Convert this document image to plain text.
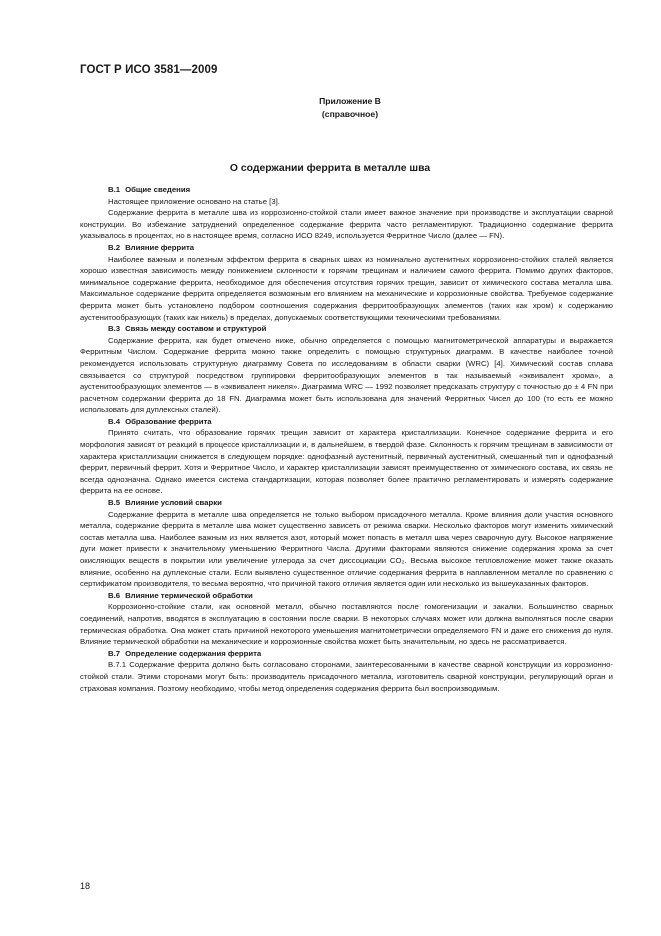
ГОСТ Р ИСО 3581—2009
Приложение В
(справочное)
О содержании феррита в металле шва
В.1 Общие сведения

Настоящее приложение основано на статье [3].

Содержание феррита в металле шва из коррозионно-стойкой стали имеет важное значение при производстве и эксплуатации сварной конструкции. Во избежание затруднений определенное содержание феррита часто регламентируют. Традиционно содержание феррита указывалось в процентах, но в настоящее время, согласно ИСО 8249, используется Ферритное Число (далее — FN).

В.2 Влияние феррита

Наиболее важным и полезным эффектом феррита в сварных швах из номинально аустенитных коррозионно-стойких сталей является хорошо известная зависимость между понижением склонности к горячим трещинам и наличием самого феррита. Помимо других факторов, минимальное содержание феррита, необходимое для обеспечения отсутствия горячих трещин, зависит от химического состава металла шва. Максимальное содержание феррита определяется возможным его влиянием на механические и коррозионные свойства. Требуемое содержание феррита может быть установлено подбором соотношения содержания ферритообразующих элементов (таких как хром) к содержанию аустенитообразующих (таких как никель) в пределах, допускаемых соответствующими техническими требованиями.

В.3 Связь между составом и структурой

Содержание феррита, как будет отмечено ниже, обычно определяется с помощью магнитометрической аппаратуры и выражается Ферритным Числом. Содержание феррита можно также определить с помощью структурных диаграмм. В качестве наиболее точной рекомендуется использовать структурную диаграмму Совета по исследованиям в области сварки (WRC) [4]. Химический состав сплава связывается со структурой посредством группировки ферритообразующих элементов в так называемый «эквивалент хрома», а аустенитообразующих элементов — в «эквивалент никеля». Диаграмма WRC — 1992 позволяет предсказать структуру с точностью до ± 4 FN при расчетном содержании феррита до 18 FN. Диаграмма может быть использована для значений Ферритных Чисел до 100 (то есть ее можно использовать для дуплексных сталей).

В.4 Образование феррита

Принято считать, что образование горячих трещин зависит от характера кристаллизации. Конечное содержание феррита и его морфология зависят от реакций в процессе кристаллизации и, в дальнейшем, в твердой фазе. Склонность к горячим трещинам в зависимости от характера кристаллизации снижается в следующем порядке: однофазный аустенитный, первичный аустенитный, смешанный тип и однофазный феррит, первичный феррит. Хотя и Ферритное Число, и характер кристаллизации зависят преимущественно от химического состава, их связь не всегда однозначна. Однако имеется система стандартизации, которая позволяет более практично регламентировать и измерять содержание феррита на ее основе.

В.5 Влияние условий сварки

Содержание феррита в металле шва определяется не только выбором присадочного металла. Кроме влияния доли участия основного металла, содержание феррита в металле шва может существенно зависеть от режима сварки. Несколько факторов могут изменить химический состав металла шва. Наиболее важным из них является азот, который может попасть в металл шва через сварочную дугу. Высокое напряжение дуги может привести к значительному уменьшению Ферритного Числа. Другими факторами являются снижение содержания хрома за счет окисляющих веществ в покрытии или увеличение углерода за счет диссоциации CO₂. Весьма высокое тепловложение может также оказать влияние, особенно на дуплексные стали. Если выявлено существенное отличие содержания феррита в наплавленном металле по сравнению с сертификатом производителя, то весьма вероятно, что причиной такого отличия является один или несколько из вышеуказанных факторов.

В.6 Влияние термической обработки

Коррозионно-стойкие стали, как основной металл, обычно поставляются после гомогенизации и закалки. Большинство сварных соединений, напротив, вводятся в эксплуатацию в состоянии после сварки. В некоторых случаях может или должна выполняться после сварки термическая обработка. Она может стать причиной некоторого уменьшения магнитометрически определяемого FN и даже его снижения до нуля. Влияние термической обработки на механические и коррозионные свойства может быть значительным, но здесь не рассматривается.

В.7 Определение содержания феррита

В.7.1 Содержание феррита должно быть согласовано сторонами, заинтересованными в качестве сварной конструкции из коррозионно-стойкой стали. Этими сторонами могут быть: производитель присадочного металла, изготовитель сварной конструкции, регулирующий орган и страховая компания. Поэтому необходимо, чтобы метод определения содержания феррита был воспроизводимым.

18
